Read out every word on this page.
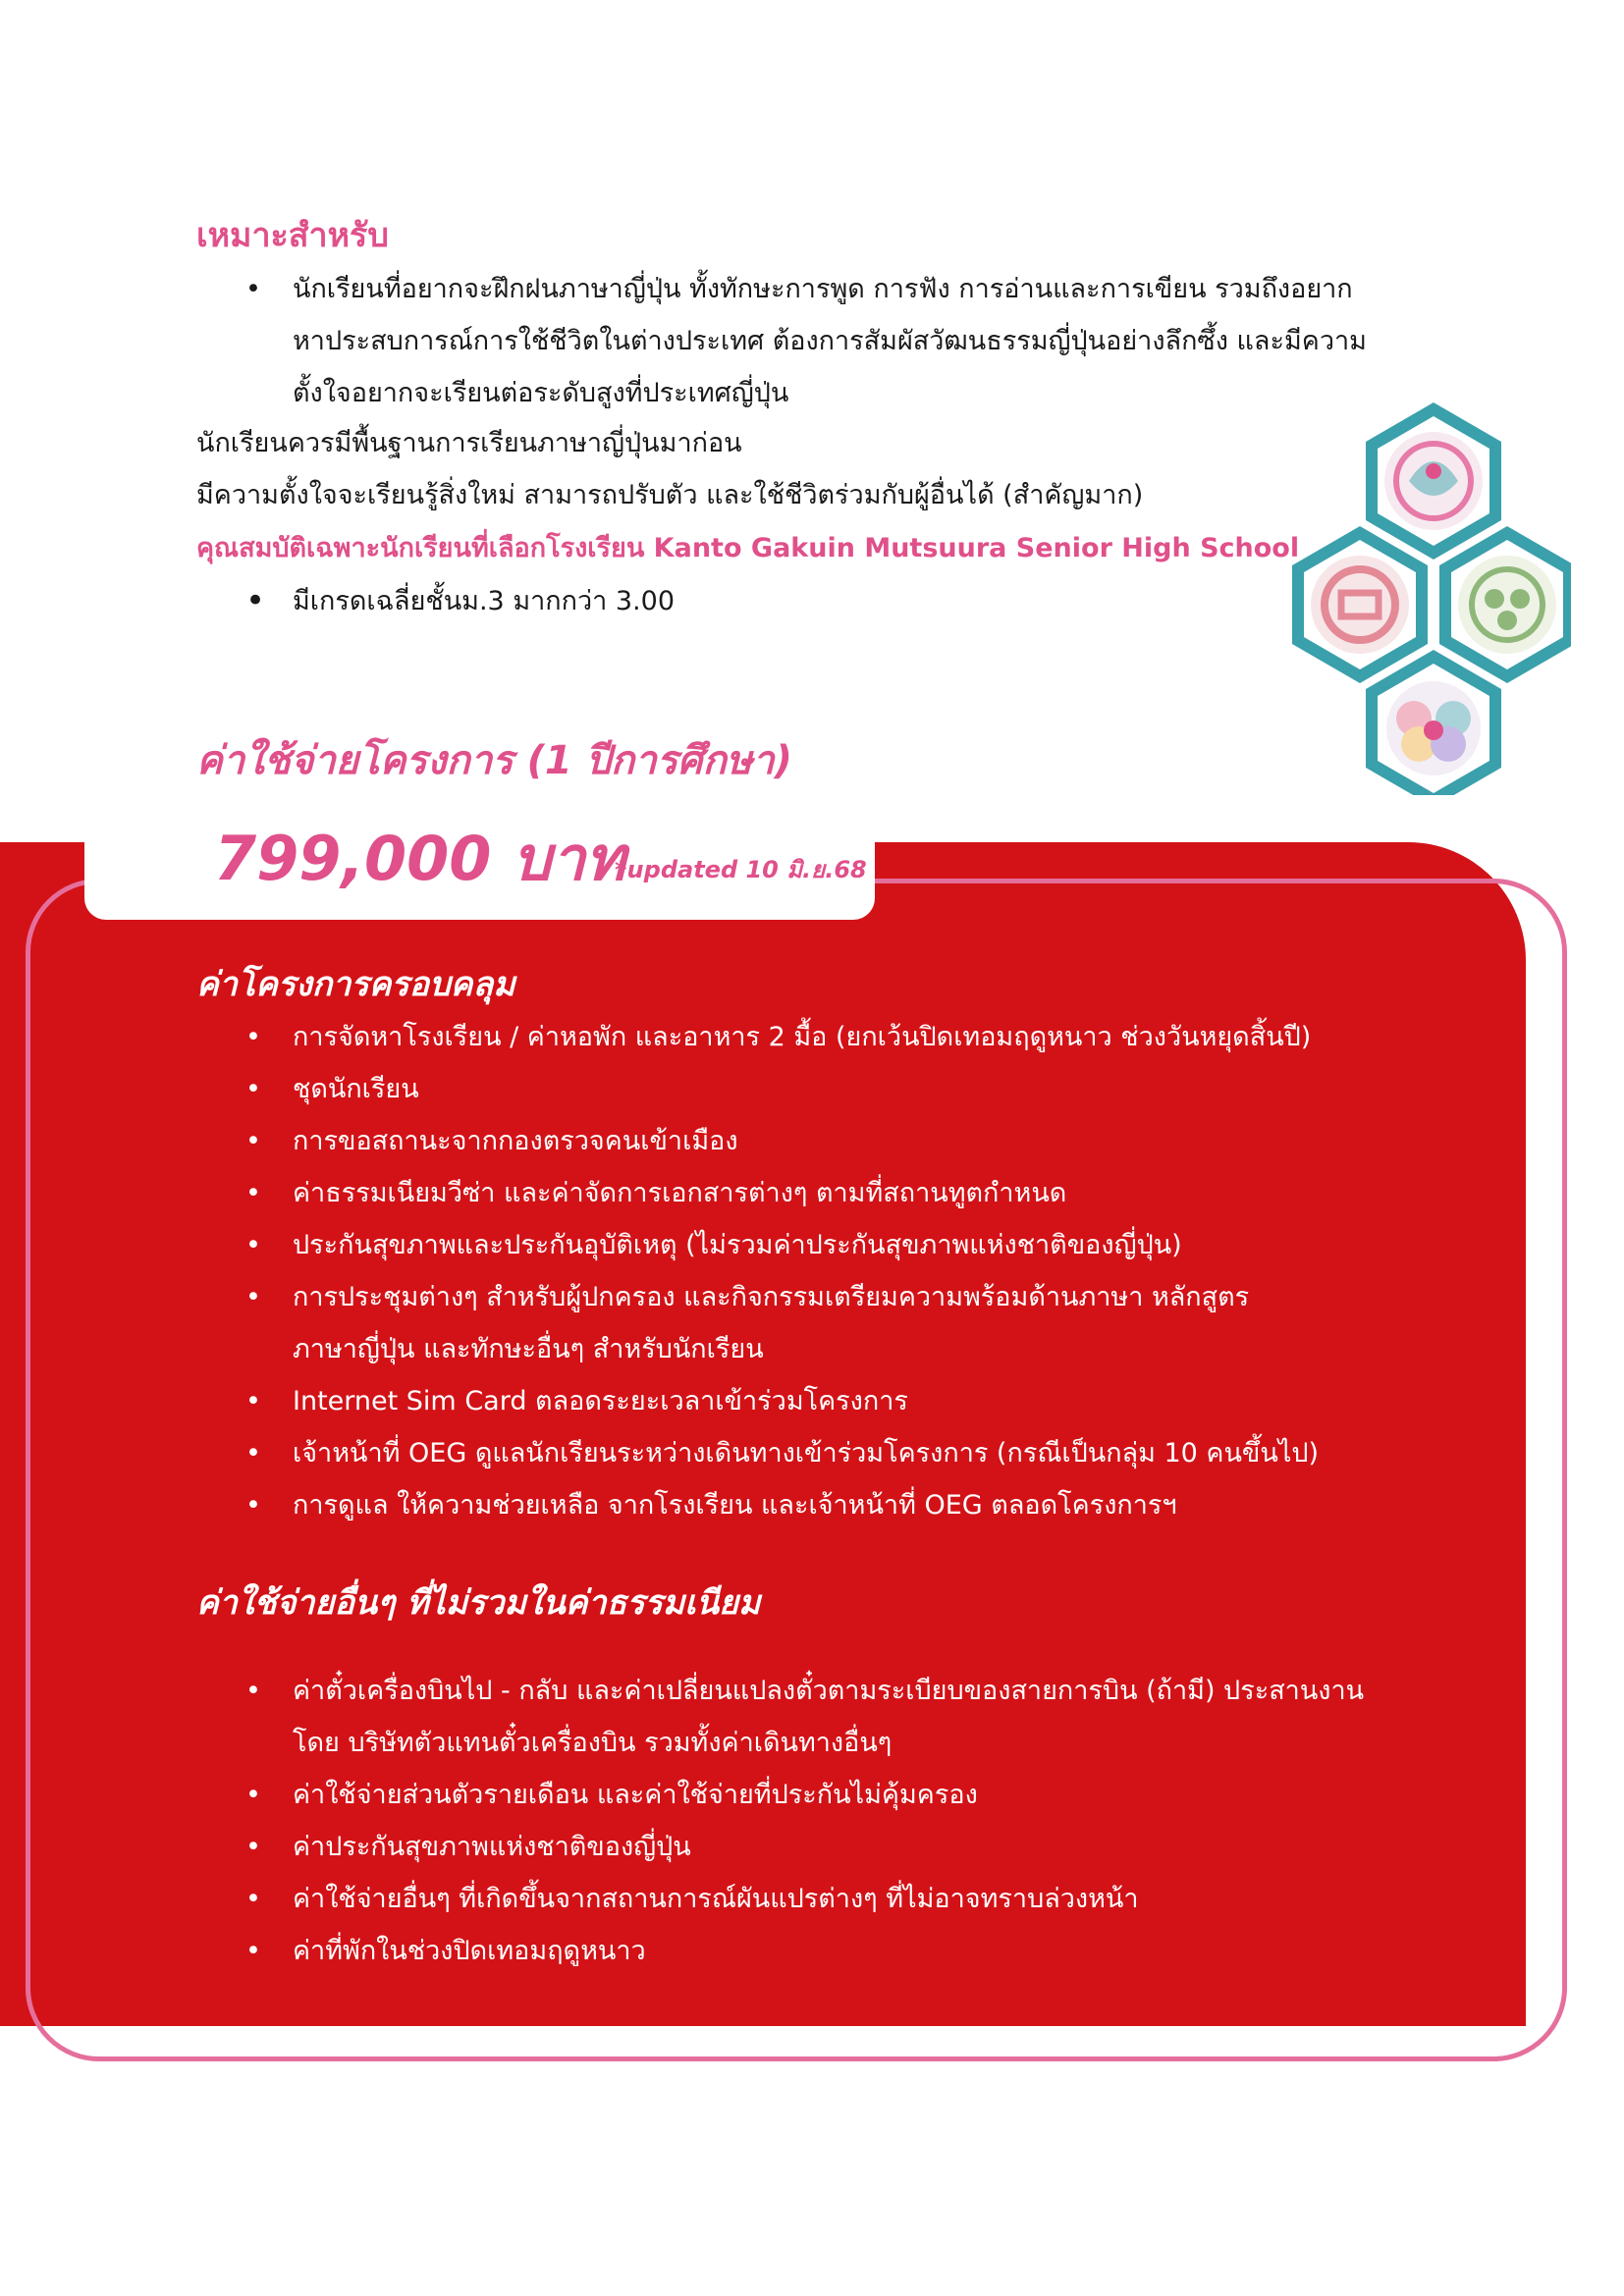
เหมาะสำหรับ
• นักเรียนที่อยากจะฝึกฝนภาษาญี่ปุ่น ทั้งทักษะการพูด การฟัง การอ่านและการเขียน รวมถึงอยาก
หาประสบการณ์การใช้ชีวิตในต่างประเทศ ต้องการสัมผัสวัฒนธรรมญี่ปุ่นอย่างลึกซึ้ง และมีความ
ตั้งใจอยากจะเรียนต่อระดับสูงที่ประเทศญี่ปุ่น
นักเรียนควรมีพื้นฐานการเรียนภาษาญี่ปุ่นมาก่อน
มีความตั้งใจจะเรียนรู้สิ่งใหม่ สามารถปรับตัว และใช้ชีวิตร่วมกับผู้อื่นได้ (สำคัญมาก)
คุณสมบัติเฉพาะนักเรียนที่เลือกโรงเรียน Kanto Gakuin Mutsuura Senior High School
• มีเกรดเฉลี่ยชั้นม.3 มากกว่า 3.00
ค่าใช้จ่ายโครงการ (1 ปีการศึกษา)
799,000 บาท
*updated 10 มิ.ย.68
ค่าโครงการครอบคลุม
• การจัดหาโรงเรียน / ค่าหอพัก และอาหาร 2 มื้อ (ยกเว้นปิดเทอมฤดูหนาว ช่วงวันหยุดสิ้นปี)
• ชุดนักเรียน
• การขอสถานะจากกองตรวจคนเข้าเมือง
• ค่าธรรมเนียมวีซ่า และค่าจัดการเอกสารต่างๆ ตามที่สถานทูตกำหนด
• ประกันสุขภาพและประกันอุบัติเหตุ (ไม่รวมค่าประกันสุขภาพแห่งชาติของญี่ปุ่น)
• การประชุมต่างๆ สำหรับผู้ปกครอง และกิจกรรมเตรียมความพร้อมด้านภาษา หลักสูตร
ภาษาญี่ปุ่น และทักษะอื่นๆ สำหรับนักเรียน
• Internet Sim Card ตลอดระยะเวลาเข้าร่วมโครงการ
• เจ้าหน้าที่ OEG ดูแลนักเรียนระหว่างเดินทางเข้าร่วมโครงการ (กรณีเป็นกลุ่ม 10 คนขึ้นไป)
• การดูแล ให้ความช่วยเหลือ จากโรงเรียน และเจ้าหน้าที่ OEG ตลอดโครงการฯ
ค่าใช้จ่ายอื่นๆ ที่ไม่รวมในค่าธรรมเนียม
• ค่าตั๋วเครื่องบินไป - กลับ และค่าเปลี่ยนแปลงตั๋วตามระเบียบของสายการบิน (ถ้ามี) ประสานงาน
โดย บริษัทตัวแทนตั๋วเครื่องบิน รวมทั้งค่าเดินทางอื่นๆ
• ค่าใช้จ่ายส่วนตัวรายเดือน และค่าใช้จ่ายที่ประกันไม่คุ้มครอง
• ค่าประกันสุขภาพแห่งชาติของญี่ปุ่น
• ค่าใช้จ่ายอื่นๆ ที่เกิดขึ้นจากสถานการณ์ผันแปรต่างๆ ที่ไม่อาจทราบล่วงหน้า
• ค่าที่พักในช่วงปิดเทอมฤดูหนาว
